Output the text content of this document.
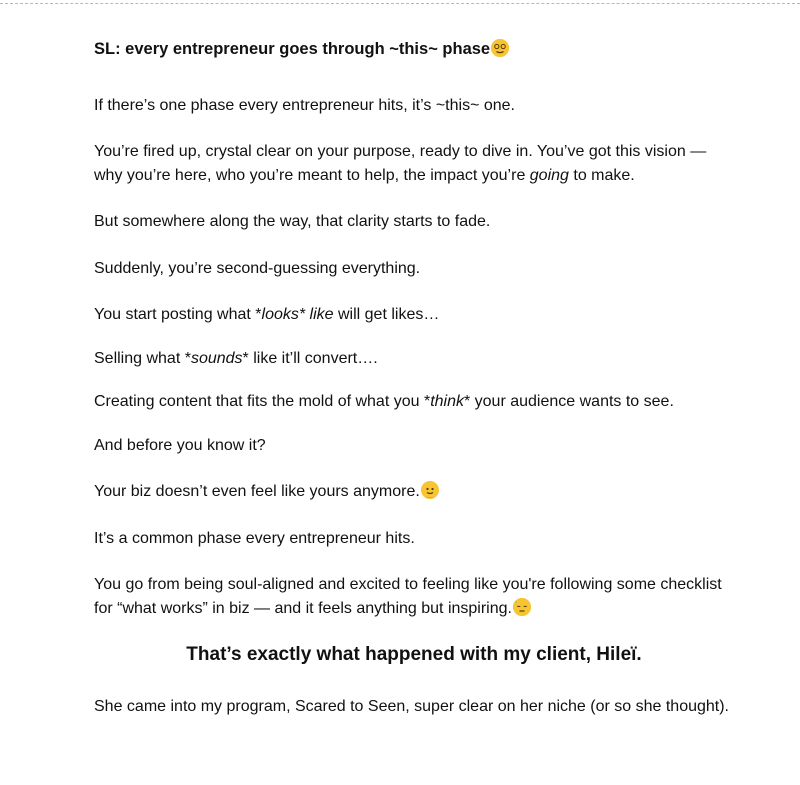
SL: every entrepreneur goes through ~this~ phase

If there’s one phase every entrepreneur hits, it’s ~this~ one.

You’re fired up, crystal clear on your purpose, ready to dive in. You’ve got this vision — why you’re here, who you’re meant to help, the impact you’re going to make.

But somewhere along the way, that clarity starts to fade.

Suddenly, you’re second-guessing everything.

You start posting what *looks* like will get likes…

Selling what *sounds* like it’ll convert….

Creating content that fits the mold of what you *think* your audience wants to see.

And before you know it?

Your biz doesn’t even feel like yours anymore.

It’s a common phase every entrepreneur hits.

You go from being soul-aligned and excited to feeling like you're following some checklist for “what works” in biz — and it feels anything but inspiring.

That’s exactly what happened with my client, Hileï.

She came into my program, Scared to Seen, super clear on her niche (or so she thought).
